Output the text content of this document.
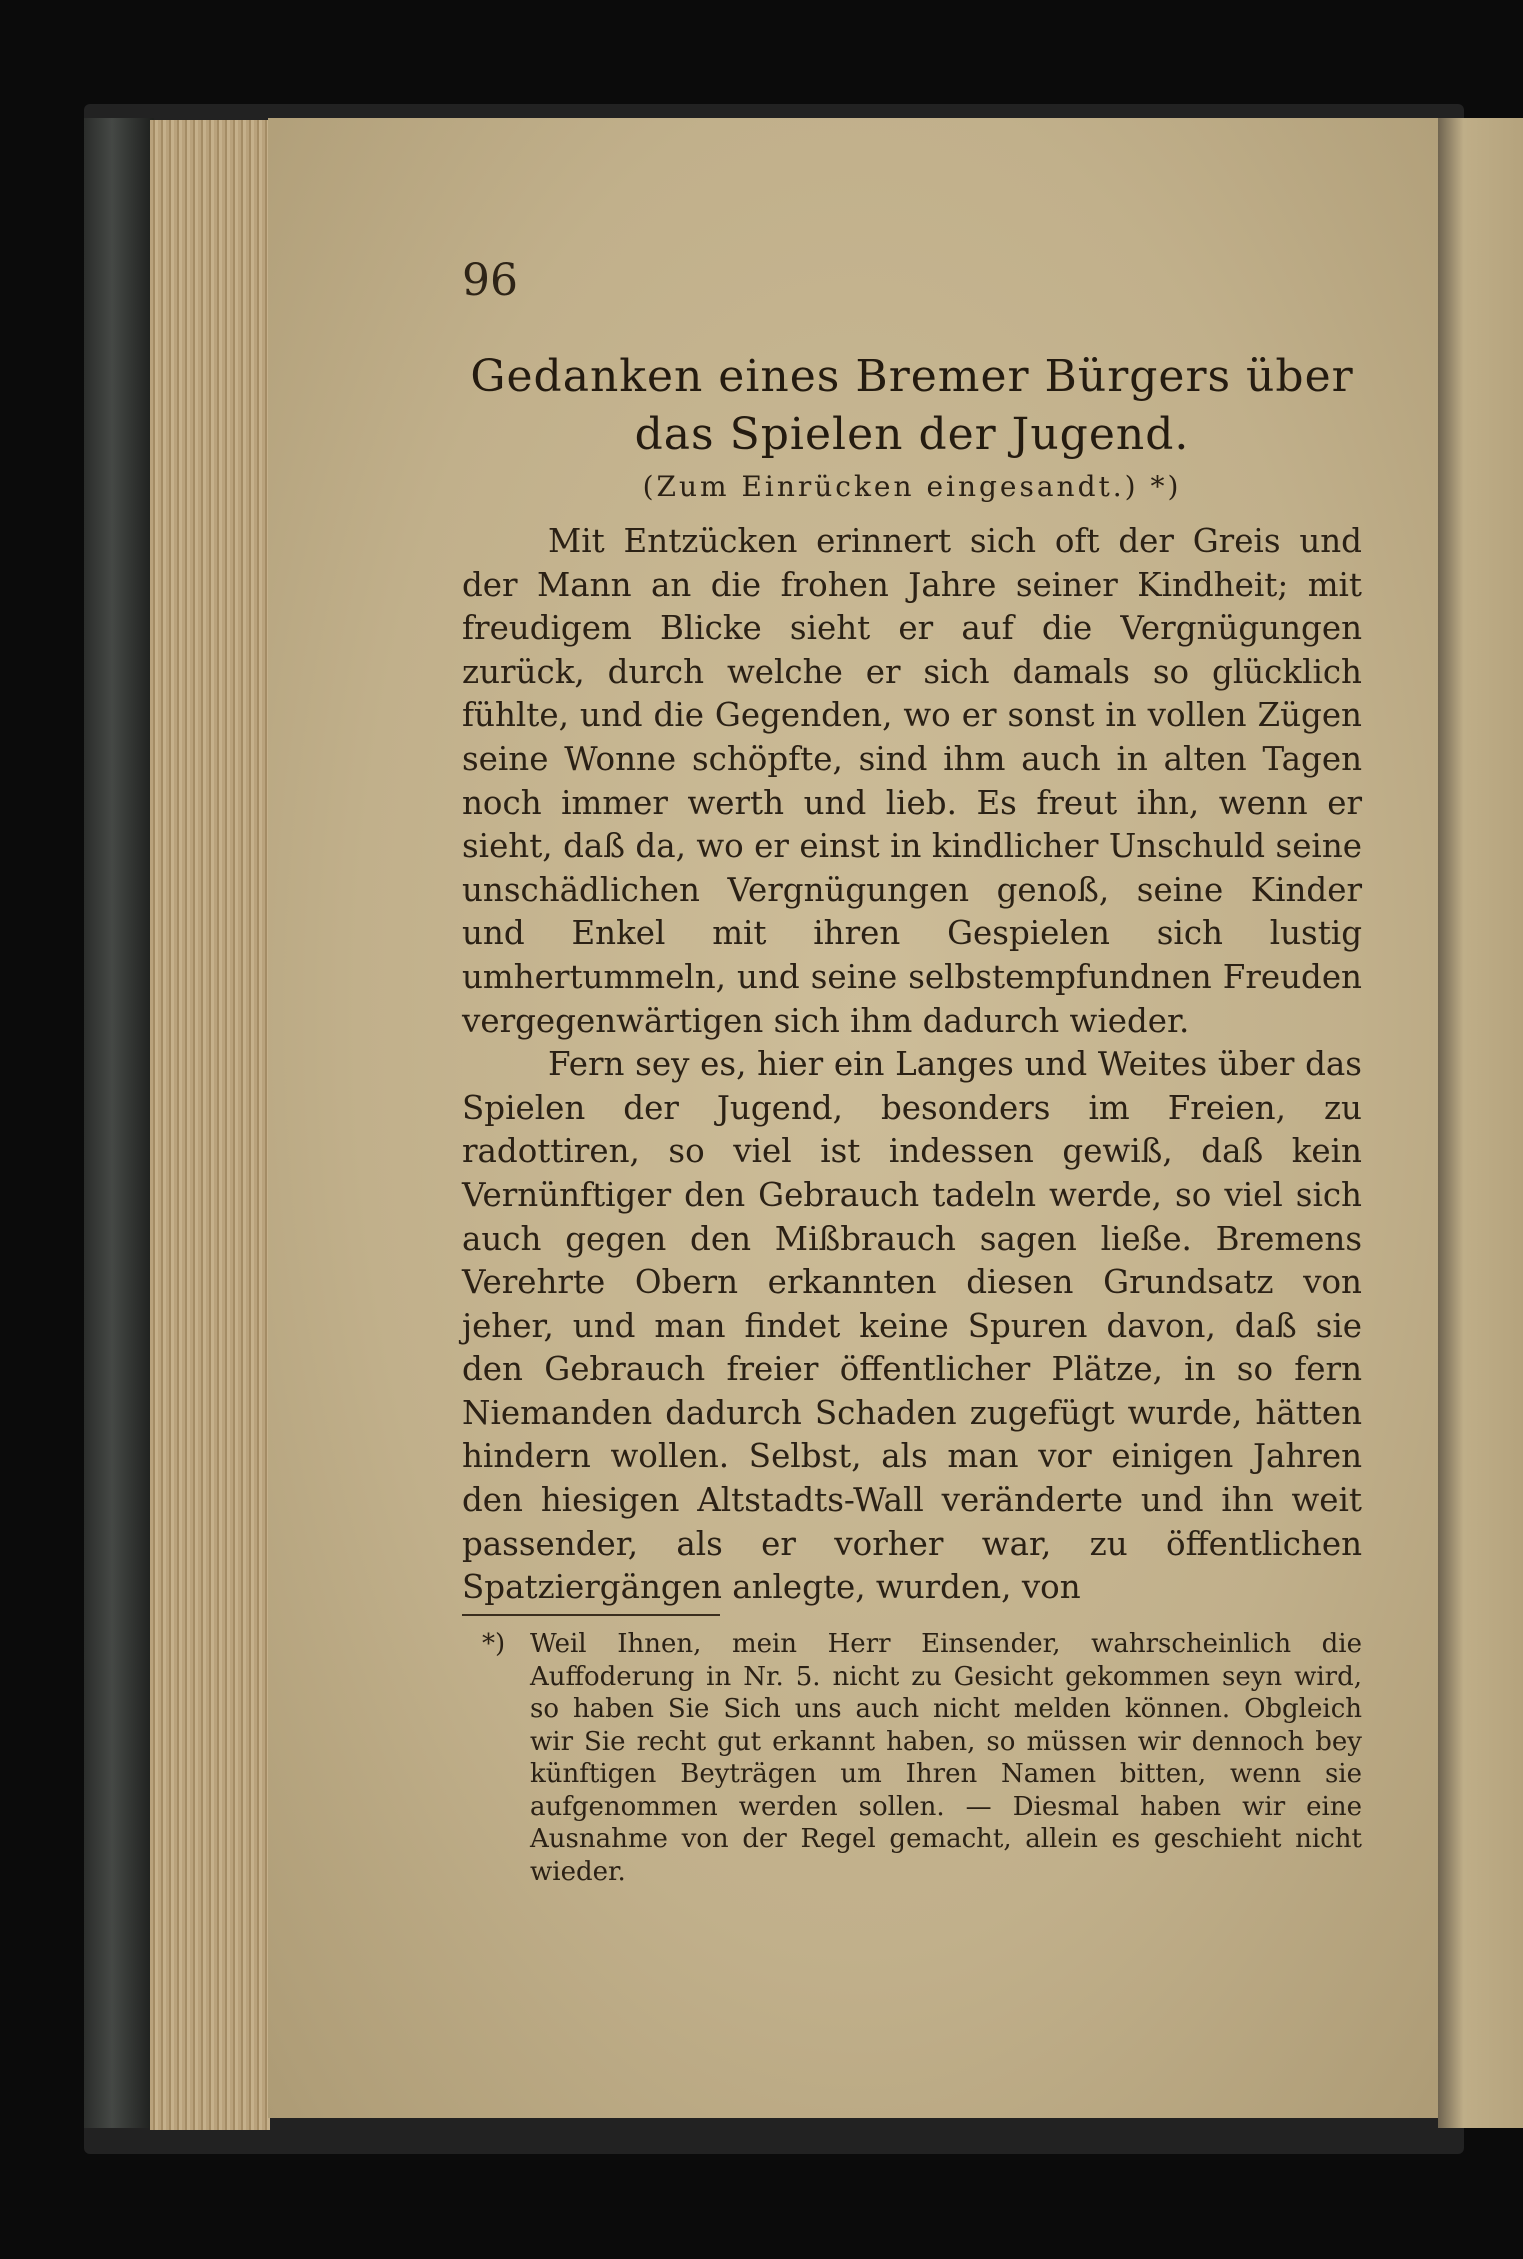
96
Gedanken eines Bremer Bürgers über das Spielen der Jugend.
(Zum Einrücken eingesandt.) *)

Mit Entzücken erinnert sich oft der Greis und der Mann an die frohen Jahre seiner Kindheit; mit freudigem Blicke sieht er auf die Vergnügungen zurück, durch welche er sich damals so glücklich fühlte, und die Gegenden, wo er sonst in vollen Zügen seine Wonne schöpfte, sind ihm auch in alten Tagen noch immer werth und lieb. Es freut ihn, wenn er sieht, daß da, wo er einst in kindlicher Unschuld seine unschädlichen Vergnügungen genoß, seine Kinder und Enkel mit ihren Gespielen sich lustig umhertummeln, und seine selbstempfundnen Freuden vergegenwärtigen sich ihm dadurch wieder.

Fern sey es, hier ein Langes und Weites über das Spielen der Jugend, besonders im Freien, zu radottiren, so viel ist indessen gewiß, daß kein Vernünftiger den Gebrauch tadeln werde, so viel sich auch gegen den Mißbrauch sagen ließe. Bremens Verehrte Obern erkannten diesen Grundsatz von jeher, und man findet keine Spuren davon, daß sie den Gebrauch freier öffentlicher Plätze, in so fern Niemanden dadurch Schaden zugefügt wurde, hätten hindern wollen. Selbst, als man vor einigen Jahren den hiesigen Altstadts-Wall veränderte und ihn weit passender, als er vorher war, zu öffentlichen Spatziergängen anlegte, wurden, von

*) Weil Ihnen, mein Herr Einsender, wahrscheinlich die Auffoderung in Nr. 5. nicht zu Gesicht gekommen seyn wird, so haben Sie Sich uns auch nicht melden können. Obgleich wir Sie recht gut erkannt haben, so müssen wir dennoch bey künftigen Beyträgen um Ihren Namen bitten, wenn sie aufgenommen werden sollen. — Diesmal haben wir eine Ausnahme von der Regel gemacht, allein es geschieht nicht wieder.
